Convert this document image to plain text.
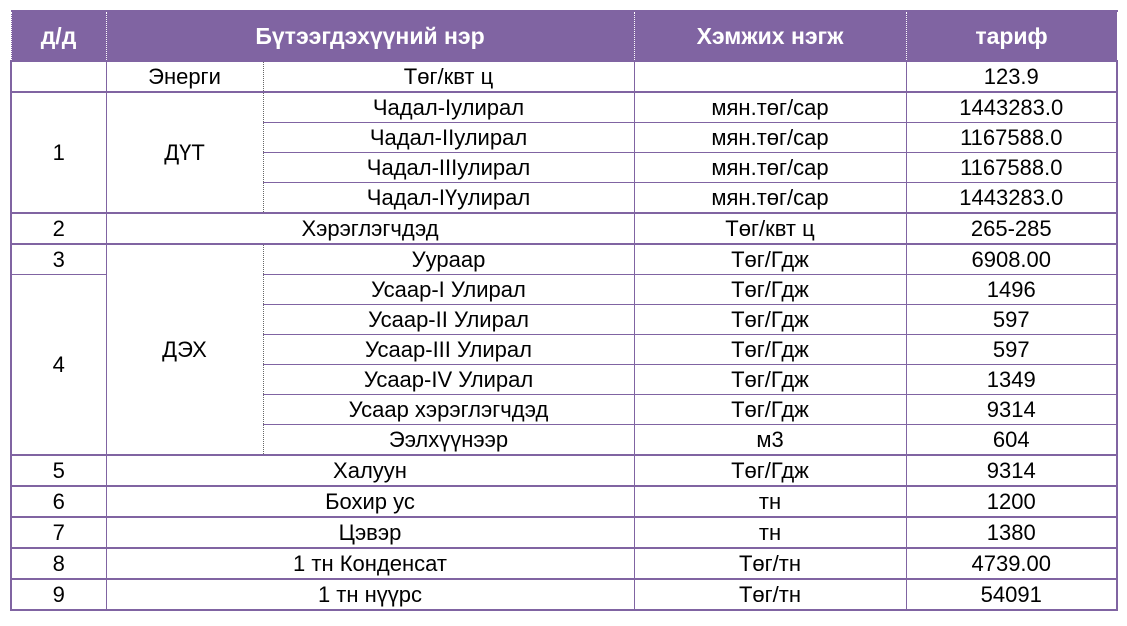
д/д	Бүтээгдэхүүний нэр		Хэмжих нэгж	тариф
	Энерги	Төг/квт ц		123.9
1	ДҮТ	Чадал-Iулирал	мян.төг/сар	1443283.0
		Чадал-IIулирал	мян.төг/сар	1167588.0
		Чадал-IIIулирал	мян.төг/сар	1167588.0
		Чадал-IҮулирал	мян.төг/сар	1443283.0
2	Хэрэглэгчдэд		Төг/квт ц	265-285
3	ДЭХ	Уураар	Төг/Гдж	6908.00
4		Усаар-I Улирал	Төг/Гдж	1496
		Усаар-II Улирал	Төг/Гдж	597
		Усаар-III Улирал	Төг/Гдж	597
		Усаар-IV Улирал	Төг/Гдж	1349
		Усаар хэрэглэгчдэд	Төг/Гдж	9314
		Ээлхүүнээр	м3	604
5	Халуун		Төг/Гдж	9314
6	Бохир ус		тн	1200
7	Цэвэр		тн	1380
8	1 тн Конденсат		Төг/тн	4739.00
9	1 тн нүүрс		Төг/тн	54091
